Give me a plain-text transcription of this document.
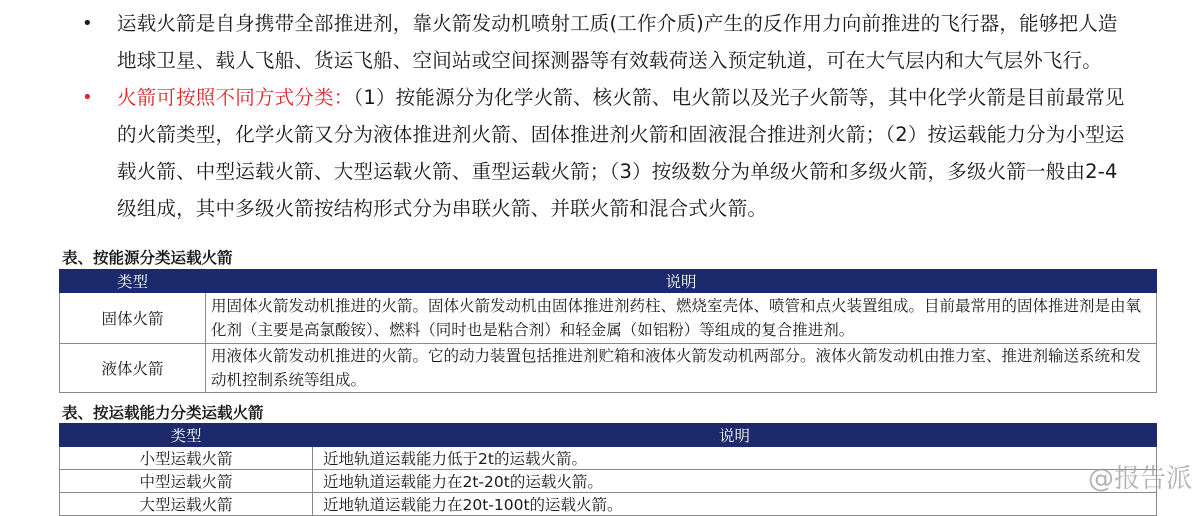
• 运载火箭是自身携带全部推进剂，靠火箭发动机喷射工质(工作介质)产生的反作用力向前推进的飞行器，能够把人造地球卫星、载人飞船、货运飞船、空间站或空间探测器等有效载荷送入预定轨道，可在大气层内和大气层外飞行。
• 火箭可按照不同方式分类：（1）按能源分为化学火箭、核火箭、电火箭以及光子火箭等，其中化学火箭是目前最常见的火箭类型，化学火箭又分为液体推进剂火箭、固体推进剂火箭和固液混合推进剂火箭；（2）按运载能力分为小型运载火箭、中型运载火箭、大型运载火箭、重型运载火箭；（3）按级数分为单级火箭和多级火箭，多级火箭一般由2-4级组成，其中多级火箭按结构形式分为串联火箭、并联火箭和混合式火箭。
表、按能源分类运载火箭
类型	说明
固体火箭	用固体火箭发动机推进的火箭。固体火箭发动机由固体推进剂药柱、燃烧室壳体、喷管和点火装置组成。目前最常用的固体推进剂是由氧化剂（主要是高氯酸铵）、燃料（同时也是粘合剂）和轻金属（如铝粉）等组成的复合推进剂。
液体火箭	用液体火箭发动机推进的火箭。它的动力装置包括推进剂贮箱和液体火箭发动机两部分。液体火箭发动机由推力室、推进剂输送系统和发动机控制系统等组成。
表、按运载能力分类运载火箭
类型	说明
小型运载火箭	近地轨道运载能力低于2t的运载火箭。
中型运载火箭	近地轨道运载能力在2t-20t的运载火箭。
大型运载火箭	近地轨道运载能力在20t-100t的运载火箭。
@报告派
